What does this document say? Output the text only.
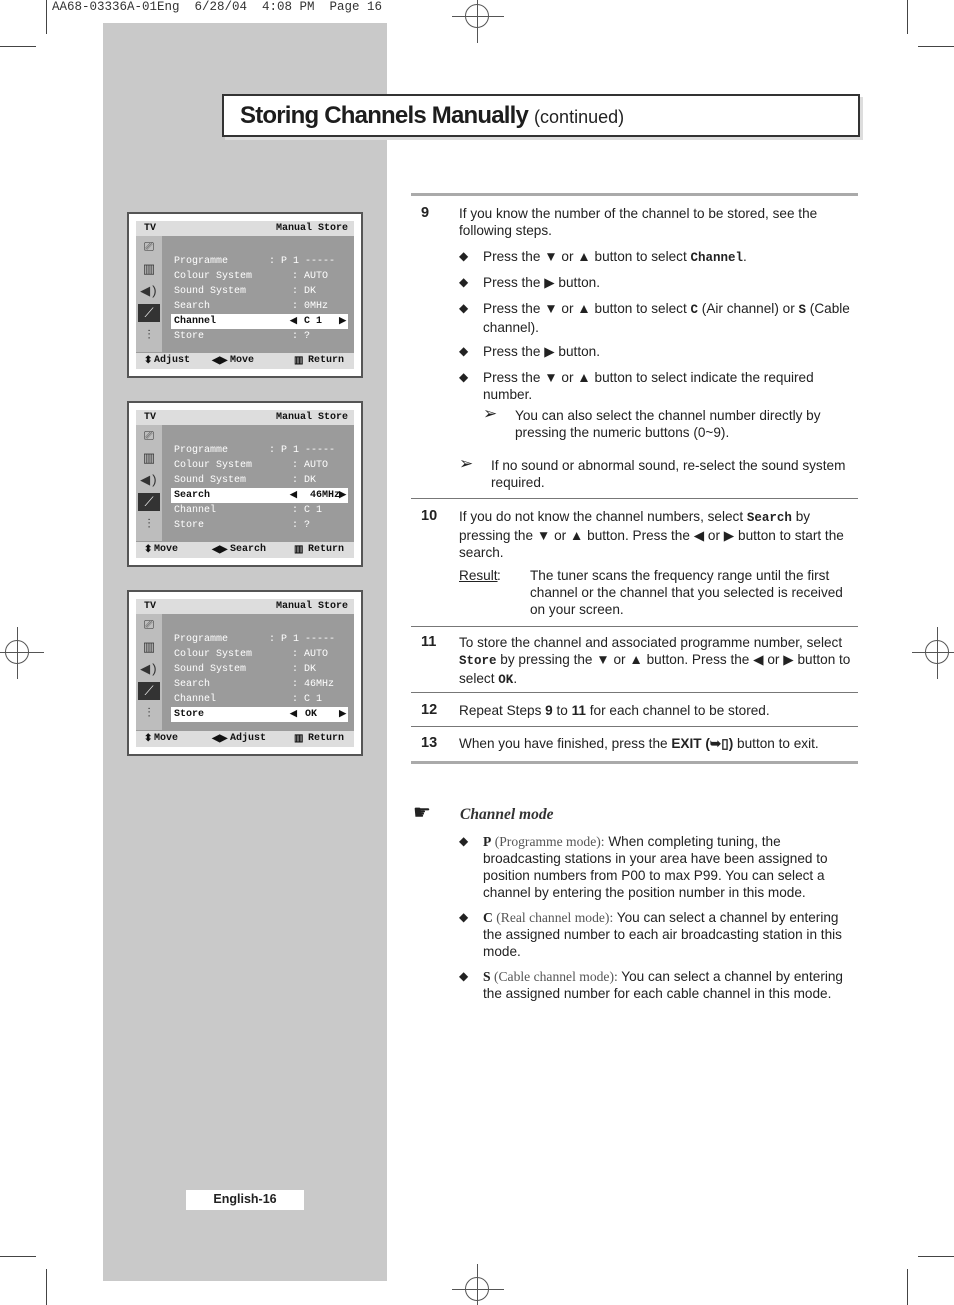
AA68-03336A-01Eng  6/28/04  4:08 PM  Page 16
Storing Channels Manually (continued)
TV	Manual Store
⎚
▥
◀)
⟋
⫶
Programme	: P 1 -----
Colour System	: AUTO
Sound System	: DK
Search	: 0MHz
Channel	◀ C 1 ▶
Store	: ?
⬍ Adjust ◀▶ Move	▥ Return
TV	Manual Store
⎚
▥
◀)
⟋
⫶
Programme	: P 1 -----
Colour System	: AUTO
Sound System	: DK
Search	◀ 46MHz ▶
Channel	: C 1
Store	: ?
⬍ Move	◀▶ Search	▥ Return
TV	Manual Store
⎚
▥
◀)
⟋
⫶
Programme	: P 1 -----
Colour System	: AUTO
Sound System	: DK
Search	: 46MHz
Channel	: C 1
Store	◀ OK ▶
⬍ Move	◀▶ Adjust	▥ Return
9 If you know the number of the channel to be stored, see the following steps.
◆ Press the ▼ or ▲ button to select Channel.
◆ Press the ▶ button.
◆ Press the ▼ or ▲ button to select C (Air channel) or S (Cable channel).
◆ Press the ▶ button.
◆ Press the ▼ or ▲ button to select indicate the required number.
➢ You can also select the channel number directly by pressing the numeric buttons (0~9).
➢ If no sound or abnormal sound, re-select the sound system required.
10 If you do not know the channel numbers, select Search by pressing the ▼ or ▲ button. Press the ◀ or ▶ button to start the search.
Result : The tuner scans the frequency range until the first channel or the channel that you selected is received on your screen.
11 To store the channel and associated programme number, select Store by pressing the ▼ or ▲ button. Press the ◀ or ▶ button to select OK.
12 Repeat Steps 9 to 11 for each channel to be stored.
13 When you have finished, press the EXIT (➥▯) button to exit.
☛ Channel mode
◆ P (Programme mode): When completing tuning, the broadcasting stations in your area have been assigned to position numbers from P00 to max P99. You can select a channel by entering the position number in this mode.
◆ C (Real channel mode): You can select a channel by entering the assigned number to each air broadcasting station in this mode.
◆ S (Cable channel mode): You can select a channel by entering the assigned number for each cable channel in this mode.
English-16
